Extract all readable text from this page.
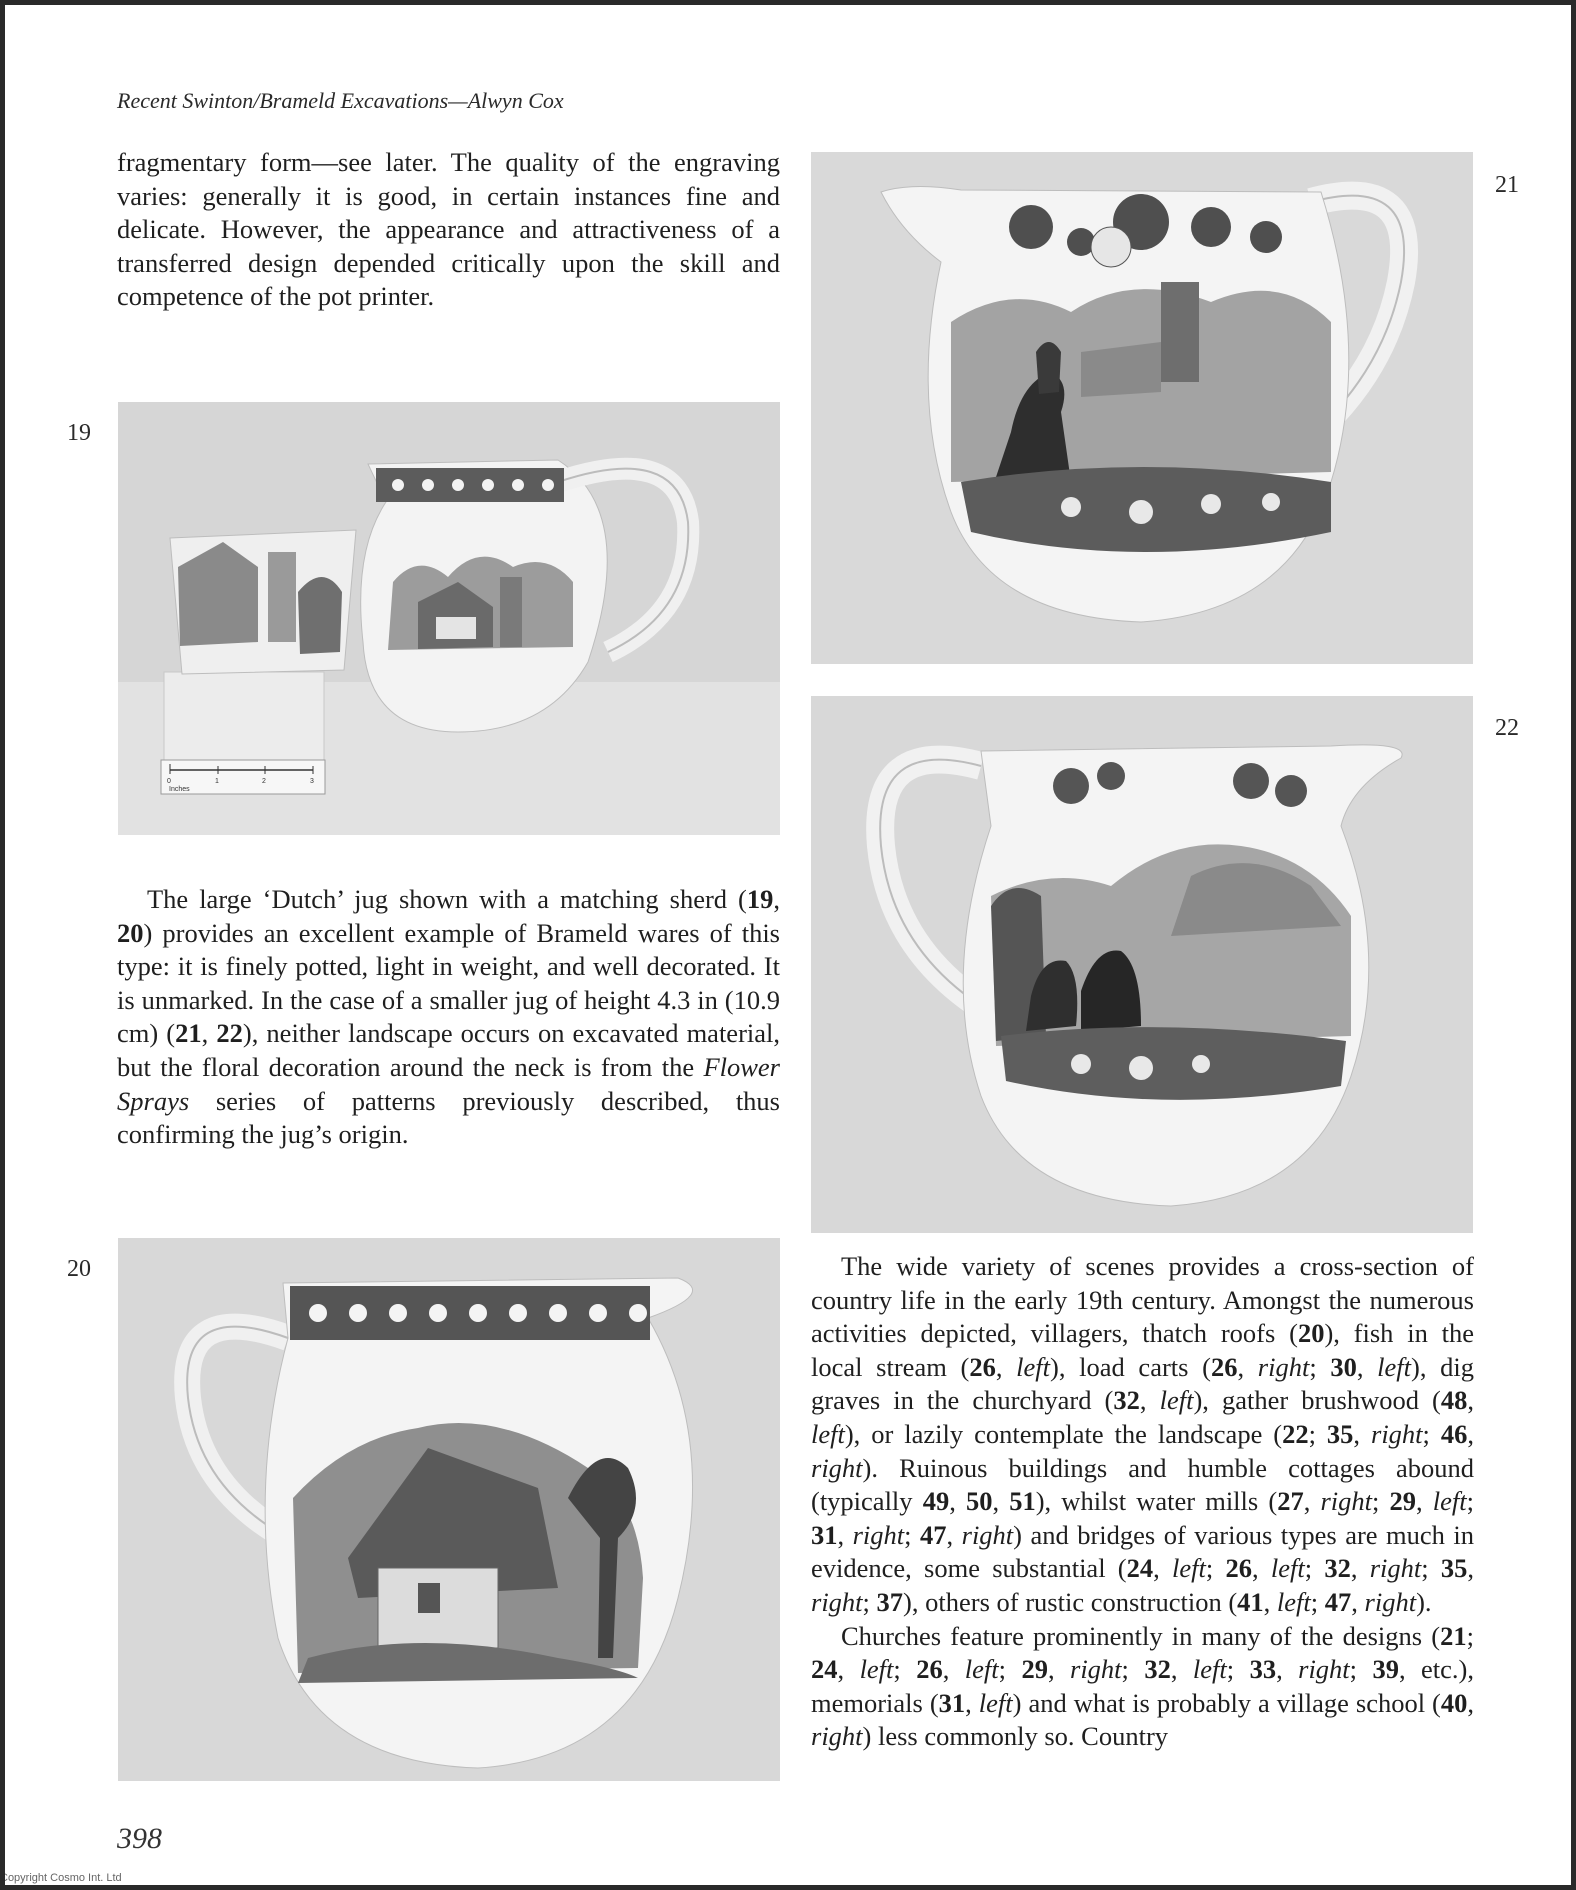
Recent Swinton/Brameld Excavations—Alwyn Cox

fragmentary form—see later. The quality of the engraving varies: generally it is good, in certain instances fine and delicate. However, the appearance and attractiveness of a transferred design depended critically upon the skill and competence of the pot printer.

19
0	1	2	3
Inches

The large ‘Dutch’ jug shown with a matching sherd (19, 20) provides an excellent example of Brameld wares of this type: it is finely potted, light in weight, and well decorated. It is unmarked. In the case of a smaller jug of height 4.3 in (10.9 cm) (21, 22), neither landscape occurs on excavated material, but the floral decoration around the neck is from the Flower Sprays series of patterns previously described, thus confirming the jug’s origin.

20
21
22

The wide variety of scenes provides a cross-section of country life in the early 19th century. Amongst the numerous activities depicted, villagers, thatch roofs (20), fish in the local stream (26, left), load carts (26, right; 30, left), dig graves in the churchyard (32, left), gather brushwood (48, left), or lazily contemplate the landscape (22; 35, right; 46, right). Ruinous buildings and humble cottages abound (typically 49, 50, 51), whilst water mills (27, right; 29, left; 31, right; 47, right) and bridges of various types are much in evidence, some substantial (24, left; 26, left; 32, right; 35, right; 37), others of rustic construction (41, left; 47, right).

Churches feature prominently in many of the designs (21; 24, left; 26, left; 29, right; 32, left; 33, right; 39, etc.), memorials (31, left) and what is probably a village school (40, right) less commonly so. Country

398
Copyright Cosmo Int. Ltd
